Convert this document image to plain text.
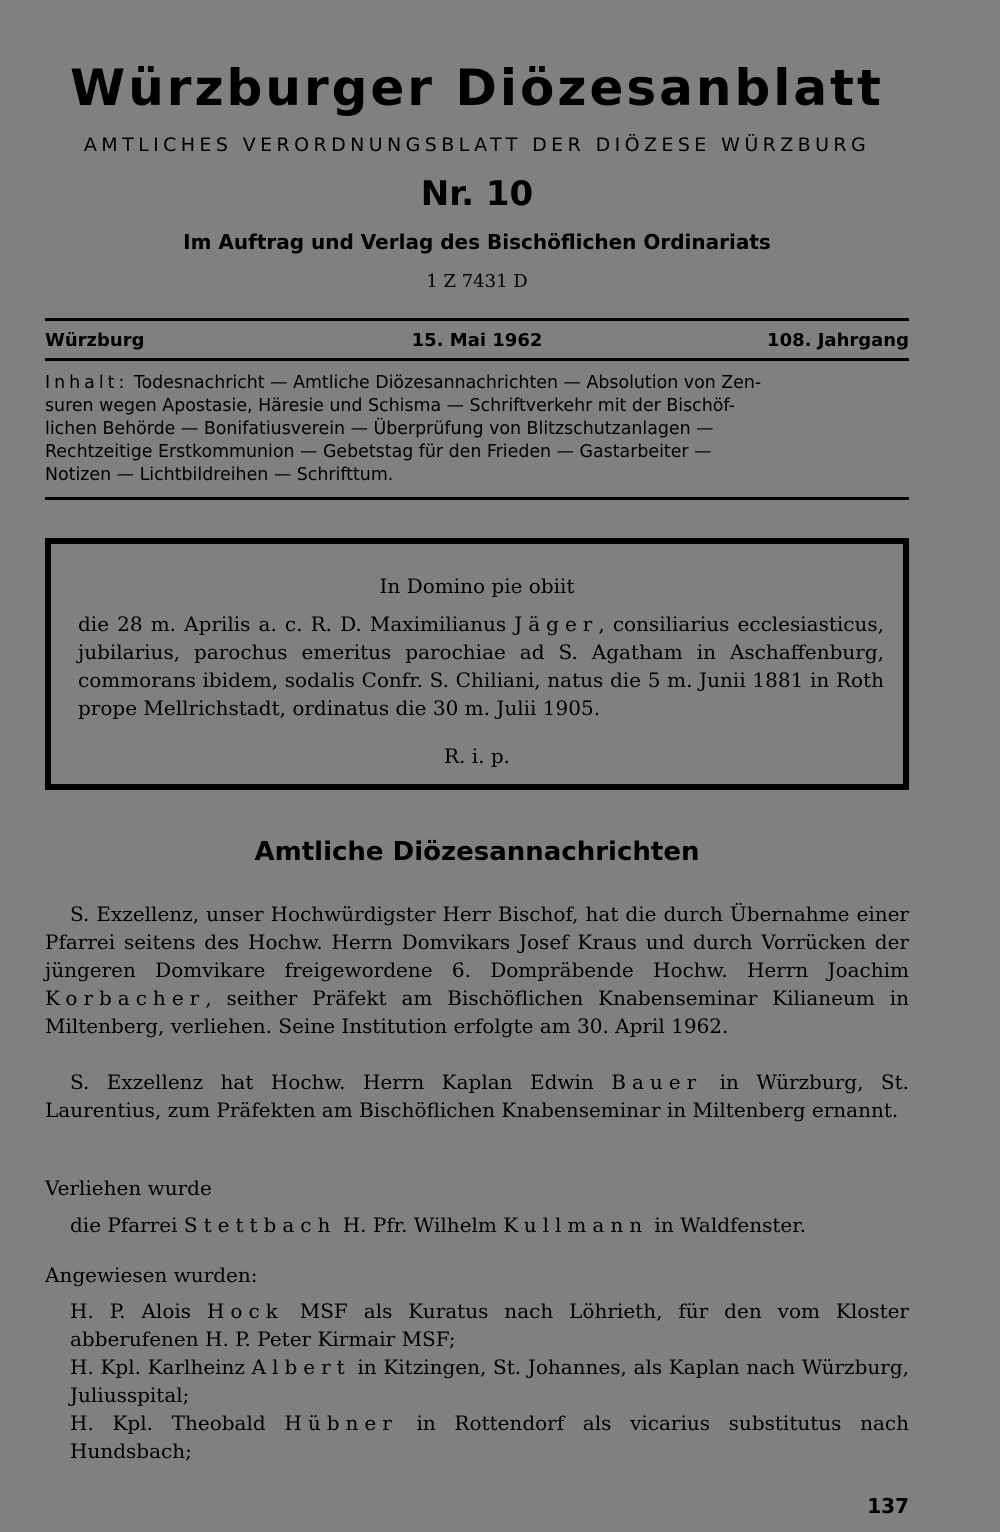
Würzburger Diözesanblatt
AMTLICHES VERORDNUNGSBLATT DER DIÖZESE WÜRZBURG
Nr. 10
Im Auftrag und Verlag des Bischöflichen Ordinariats
1 Z 7431 D
Würzburg	15. Mai 1962	108. Jahrgang
Inhalt: Todesnachricht — Amtliche Diözesannachrichten — Absolution von Zen-
suren wegen Apostasie, Häresie und Schisma — Schriftverkehr mit der Bischöf-
lichen Behörde — Bonifatiusverein — Überprüfung von Blitzschutzanlagen —
Rechtzeitige Erstkommunion — Gebetstag für den Frieden — Gastarbeiter —
Notizen — Lichtbildreihen — Schrifttum.
In Domino pie obiit
die 28 m. Aprilis a. c. R. D. Maximilianus Jäger, consiliarius ecclesiasticus, jubilarius, parochus emeritus parochiae ad S. Agatham in Aschaffenburg, commorans ibidem, sodalis Confr. S. Chiliani, natus die 5 m. Junii 1881 in Roth prope Mellrichstadt, ordinatus die 30 m. Julii 1905.
R. i. p.
Amtliche Diözesannachrichten
S. Exzellenz, unser Hochwürdigster Herr Bischof, hat die durch Übernahme einer Pfarrei seitens des Hochw. Herrn Domvikars Josef Kraus und durch Vorrücken der jüngeren Domvikare freigewordene 6. Dompräbende Hochw. Herrn Joachim Korbacher, seither Präfekt am Bischöflichen Knabenseminar Kilianeum in Miltenberg, verliehen. Seine Institution erfolgte am 30. April 1962.
S. Exzellenz hat Hochw. Herrn Kaplan Edwin Bauer in Würzburg, St. Laurentius, zum Präfekten am Bischöflichen Knabenseminar in Miltenberg ernannt.
Verliehen wurde
die Pfarrei Stettbach H. Pfr. Wilhelm Kullmann in Waldfenster.
Angewiesen wurden:
H. P. Alois Hock MSF als Kuratus nach Löhrieth, für den vom Kloster abberufenen H. P. Peter Kirmair MSF;
H. Kpl. Karlheinz Albert in Kitzingen, St. Johannes, als Kaplan nach Würzburg, Juliusspital;
H. Kpl. Theobald Hübner in Rottendorf als vicarius substitutus nach Hundsbach;
137
